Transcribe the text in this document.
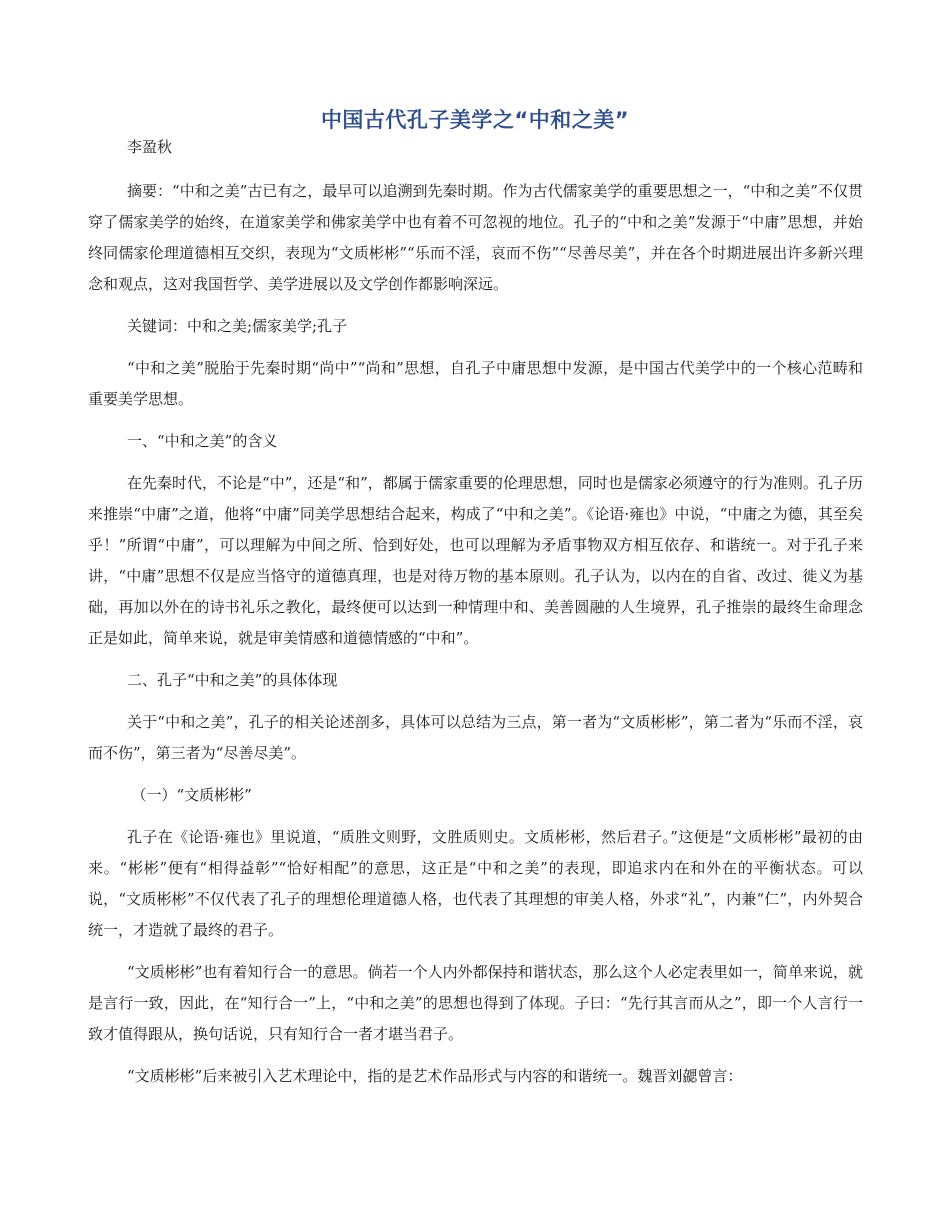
中国古代孔子美学之“中和之美”
李盈秋

摘要：“中和之美”古已有之，最早可以追溯到先秦时期。作为古代儒家美学的重要思想之一，“中和之美”不仅贯穿了儒家美学的始终，在道家美学和佛家美学中也有着不可忽视的地位。孔子的“中和之美”发源于“中庸”思想，并始终同儒家伦理道德相互交织，表现为“文质彬彬”“乐而不淫，哀而不伤”“尽善尽美”，并在各个时期进展出许多新兴理念和观点，这对我国哲学、美学进展以及文学创作都影响深远。

关键词：中和之美;儒家美学;孔子

“中和之美”脱胎于先秦时期“尚中”“尚和”思想，自孔子中庸思想中发源，是中国古代美学中的一个核心范畴和重要美学思想。

一、“中和之美”的含义

在先秦时代，不论是“中”，还是“和”，都属于儒家重要的伦理思想，同时也是儒家必须遵守的行为准则。孔子历来推崇“中庸”之道，他将“中庸”同美学思想结合起来，构成了“中和之美”。《论语·雍也》中说，“中庸之为德，其至矣乎！”所谓“中庸”，可以理解为中间之所、恰到好处，也可以理解为矛盾事物双方相互依存、和谐统一。对于孔子来讲，“中庸”思想不仅是应当恪守的道德真理，也是对待万物的基本原则。孔子认为，以内在的自省、改过、徙义为基础，再加以外在的诗书礼乐之教化，最终便可以达到一种情理中和、美善圆融的人生境界，孔子推崇的最终生命理念正是如此，简单来说，就是审美情感和道德情感的“中和”。

二、孔子“中和之美”的具体体现

关于“中和之美”，孔子的相关论述剖多，具体可以总结为三点，第一者为“文质彬彬”，第二者为“乐而不淫，哀而不伤”，第三者为“尽善尽美”。

（一）“文质彬彬”

孔子在《论语·雍也》里说道，“质胜文则野，文胜质则史。文质彬彬，然后君子。”这便是“文质彬彬”最初的由来。“彬彬”便有“相得益彰”“恰好相配”的意思，这正是“中和之美”的表现，即追求内在和外在的平衡状态。可以说，“文质彬彬”不仅代表了孔子的理想伦理道德人格，也代表了其理想的审美人格，外求“礼”，内兼“仁”，内外契合统一，才造就了最终的君子。

“文质彬彬”也有着知行合一的意思。倘若一个人内外都保持和谐状态，那么这个人必定表里如一，简单来说，就是言行一致，因此，在“知行合一”上，“中和之美”的思想也得到了体现。子曰：“先行其言而从之”，即一个人言行一致才值得跟从，换句话说，只有知行合一者才堪当君子。

“文质彬彬”后来被引入艺术理论中，指的是艺术作品形式与内容的和谐统一。魏晋刘勰曾言：
